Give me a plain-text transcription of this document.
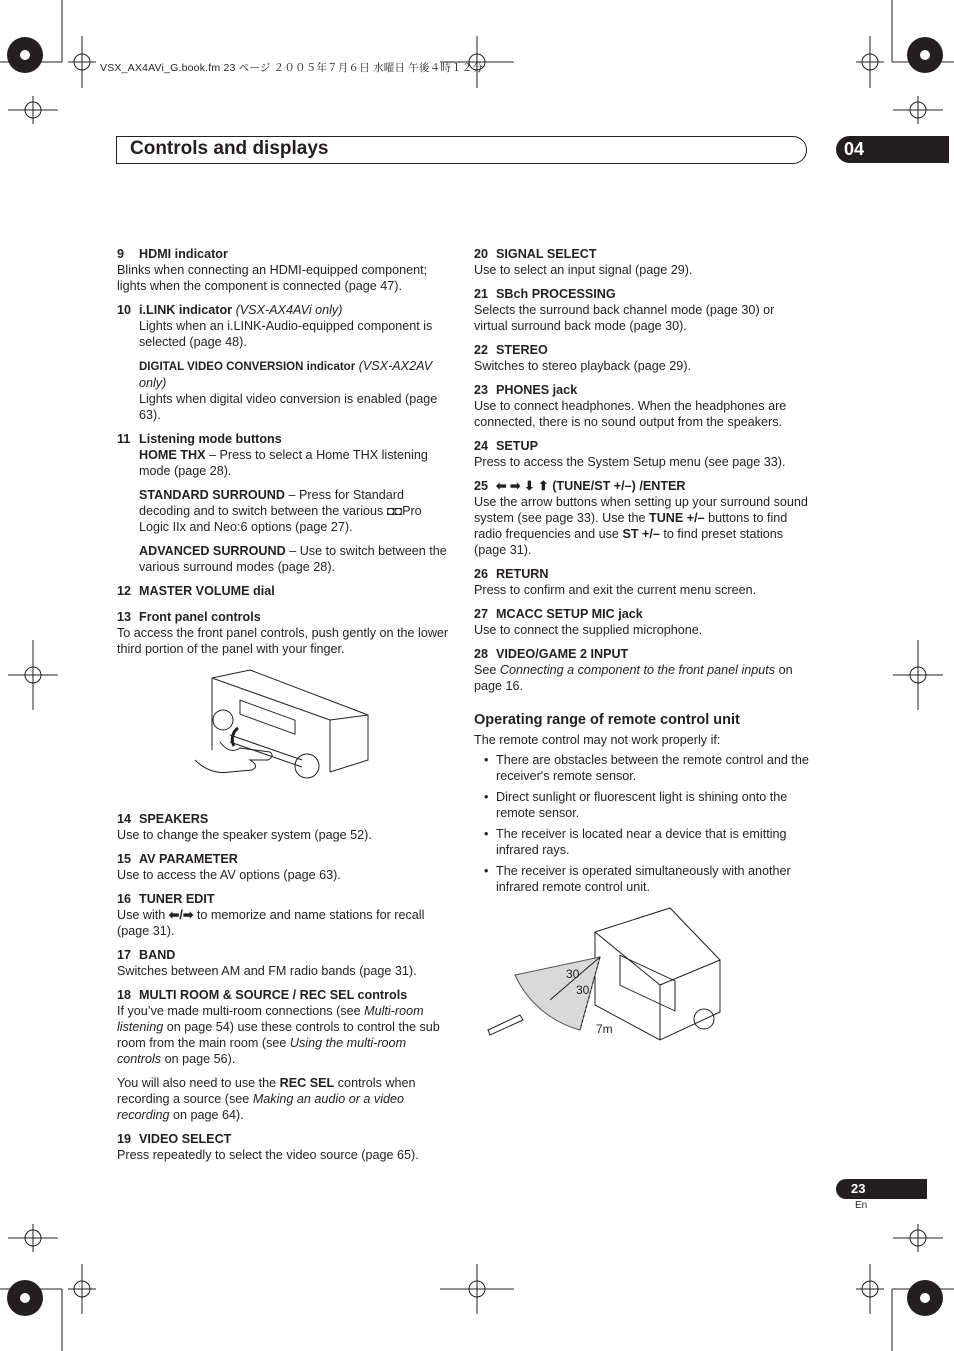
VSX_AX4AVi_G.book.fm 23 ページ ２００５年７月６日 水曜日 午後４時１２分
Controls and displays	04
9 HDMI indicator
Blinks when connecting an HDMI-equipped component; lights when the component is connected (page 47).
10 i.LINK indicator (VSX-AX4AVi only)
Lights when an i.LINK-Audio-equipped component is selected (page 48).
DIGITAL VIDEO CONVERSION indicator (VSX-AX2AV only)
Lights when digital video conversion is enabled (page 63).
11 Listening mode buttons
HOME THX – Press to select a Home THX listening mode (page 28).
STANDARD SURROUND – Press for Standard decoding and to switch between the various ◘◘Pro Logic IIx and Neo:6 options (page 27).
ADVANCED SURROUND – Use to switch between the various surround modes (page 28).
12 MASTER VOLUME dial
13 Front panel controls
To access the front panel controls, push gently on the lower third portion of the panel with your finger.
14 SPEAKERS
Use to change the speaker system (page 52).
15 AV PARAMETER
Use to access the AV options (page 63).
16 TUNER EDIT
Use with ⬅/➡ to memorize and name stations for recall (page 31).
17 BAND
Switches between AM and FM radio bands (page 31).
18 MULTI ROOM & SOURCE / REC SEL controls
If you’ve made multi-room connections (see Multi-room listening on page 54) use these controls to control the sub room from the main room (see Using the multi-room controls on page 56).
You will also need to use the REC SEL controls when recording a source (see Making an audio or a video recording on page 64).
19 VIDEO SELECT
Press repeatedly to select the video source (page 65).
20 SIGNAL SELECT
Use to select an input signal (page 29).
21 SBch PROCESSING
Selects the surround back channel mode (page 30) or virtual surround back mode (page 30).
22 STEREO
Switches to stereo playback (page 29).
23 PHONES jack
Use to connect headphones. When the headphones are connected, there is no sound output from the speakers.
24 SETUP
Press to access the System Setup menu (see page 33).
25 ⬅ ➡ ⬇ ⬆ (TUNE/ST +/–) /ENTER
Use the arrow buttons when setting up your surround sound system (see page 33). Use the TUNE +/– buttons to find radio frequencies and use ST +/– to find preset stations (page 31).
26 RETURN
Press to confirm and exit the current menu screen.
27 MCACC SETUP MIC jack
Use to connect the supplied microphone.
28 VIDEO/GAME 2 INPUT
See Connecting a component to the front panel inputs on page 16.
Operating range of remote control unit
The remote control may not work properly if:
• There are obstacles between the remote control and the receiver's remote sensor.
• Direct sunlight or fluorescent light is shining onto the remote sensor.
• The receiver is located near a device that is emitting infrared rays.
• The receiver is operated simultaneously with another infrared remote control unit.
30
30
7m
23
En
